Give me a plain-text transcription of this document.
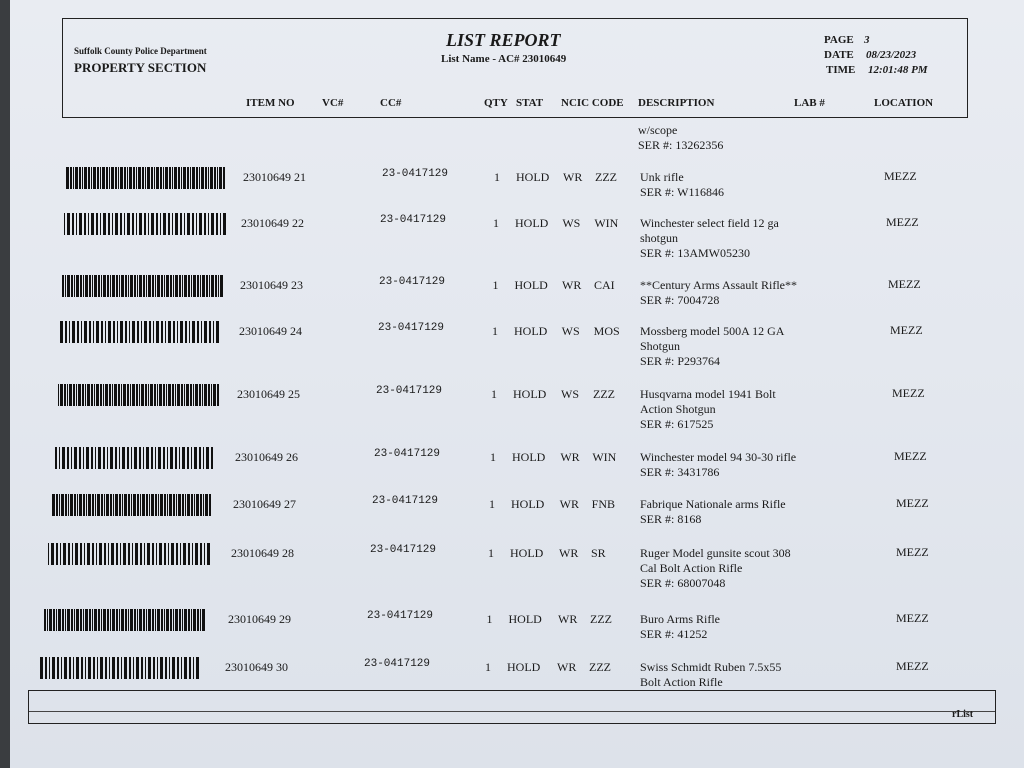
Suffolk County Police Department
PROPERTY SECTION
LIST REPORT
List Name - AC# 23010649
PAGE 3
DATE 08/23/2023
TIME 12:01:48 PM
ITEM NO VC#	CC#	QTY STAT NCIC CODE DESCRIPTION	LAB #	LOCATION
w/scope
SER #: 13262356
23010649 21	23-0417129	1 HOLD WR ZZZ Unk rifle
SER #: W116846
MEZZ
23010649 22	23-0417129	1 HOLD WS WIN Winchester select field 12 ga
shotgun
SER #: 13AMW05230
MEZZ
23010649 23	23-0417129	1 HOLD WR CAI **Century Arms Assault Rifle**
SER #: 7004728
MEZZ
23010649 24	23-0417129	1 HOLD WS MOS Mossberg model 500A 12 GA
Shotgun
SER #: P293764
MEZZ
23010649 25	23-0417129	1 HOLD WS ZZZ Husqvarna model 1941 Bolt
Action Shotgun
SER #: 617525
MEZZ
23010649 26	23-0417129	1 HOLD WR WIN Winchester model 94 30-30 rifle
SER #: 3431786
MEZZ
23010649 27	23-0417129	1 HOLD WR FNB Fabrique Nationale arms Rifle
SER #: 8168
MEZZ
23010649 28	23-0417129	1 HOLD WR SR	Ruger Model gunsite scout 308
Cal Bolt Action Rifle
SER #: 68007048
MEZZ
23010649 29	23-0417129	1 HOLD WR ZZZ Buro Arms Rifle
SER #: 41252
MEZZ
23010649 30	23-0417129	1 HOLD WR ZZZ Swiss Schmidt Ruben 7.5x55
Bolt Action Rifle
MEZZ
rList
